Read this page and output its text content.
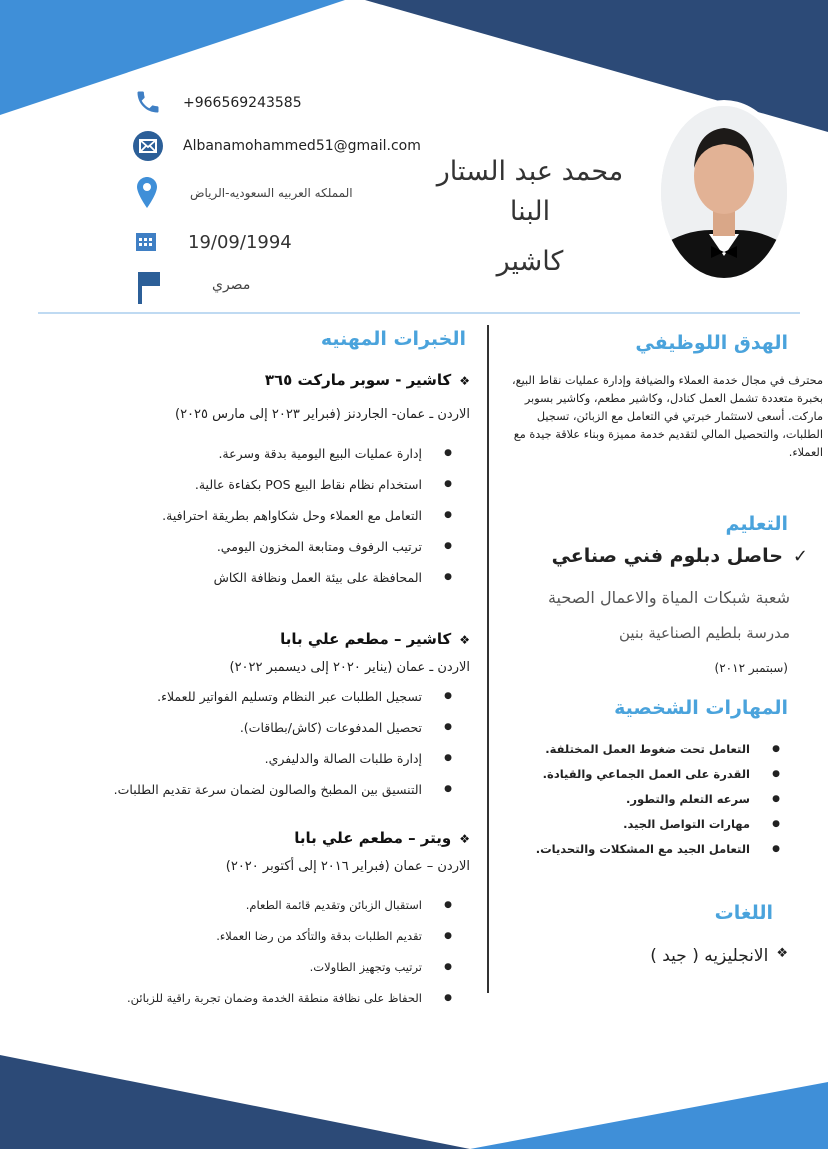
+966569243585
Albanamohammed51@gmail.com
المملكه العربيه السعوديه-الرياض
19/09/1994
مصري
محمد عبد الستار
البنا
كاشير
الهدق اللوظيفي

محترف في مجال خدمة العملاء والضيافة وإدارة عمليات نقاط البيع، بخبرة متعددة تشمل العمل كنادل، وكاشير مطعم، وكاشير بسوبر ماركت. أسعى لاستثمار خبرتي في التعامل مع الزبائن، تسجيل الطلبات، والتحصيل المالي لتقديم خدمة مميزة وبناء علاقة جيدة مع العملاء.

التعليم
✓
حاصل دبلوم فني صناعي
شعبة شبكات المياة والاعمال الصحية
مدرسة بلطيم الصناعية بنين
(سبتمبر ٢٠١٢)
المهارات الشخصية
● التعامل تحت ضغوط العمل المختلفة.
● القدرة على العمل الجماعي والقيادة.
● سرعه التعلم والتطور.
● مهارات التواصل الجيد.
● التعامل الجيد مع المشكلات والتحديات.
اللغات
❖
الانجليزيه ( جيد )
الخبرات المهنيه
❖كاشير - سوبر ماركت ٣٦٥
الاردن ـ عمان- الجاردنز (فبراير ٢٠٢٣ إلى مارس ٢٠٢٥)
● إدارة عمليات البيع اليومية بدقة وسرعة.
● استخدام نظام نقاط البيع POS بكفاءة عالية.
● التعامل مع العملاء وحل شكاواهم بطريقة احترافية.
● ترتيب الرفوف ومتابعة المخزون اليومي.
● المحافظة على بيئة العمل ونظافة الكاش
❖كاشير – مطعم علي بابا
الاردن ـ عمان (يناير ٢٠٢٠ إلى ديسمبر ٢٠٢٢)
● تسجيل الطلبات عبر النظام وتسليم الفواتير للعملاء.
● تحصيل المدفوعات (كاش/بطاقات).
● إدارة طلبات الصالة والدليفري.
● التنسيق بين المطبخ والصالون لضمان سرعة تقديم الطلبات.
❖ويتر – مطعم علي بابا
الاردن – عمان (فبراير ٢٠١٦ إلى أكتوبر ٢٠٢٠)
● استقبال الزبائن وتقديم قائمة الطعام.
● تقديم الطلبات بدقة والتأكد من رضا العملاء.
● ترتيب وتجهيز الطاولات.
● الحفاظ على نظافة منطقة الخدمة وضمان تجربة راقية للزبائن.
